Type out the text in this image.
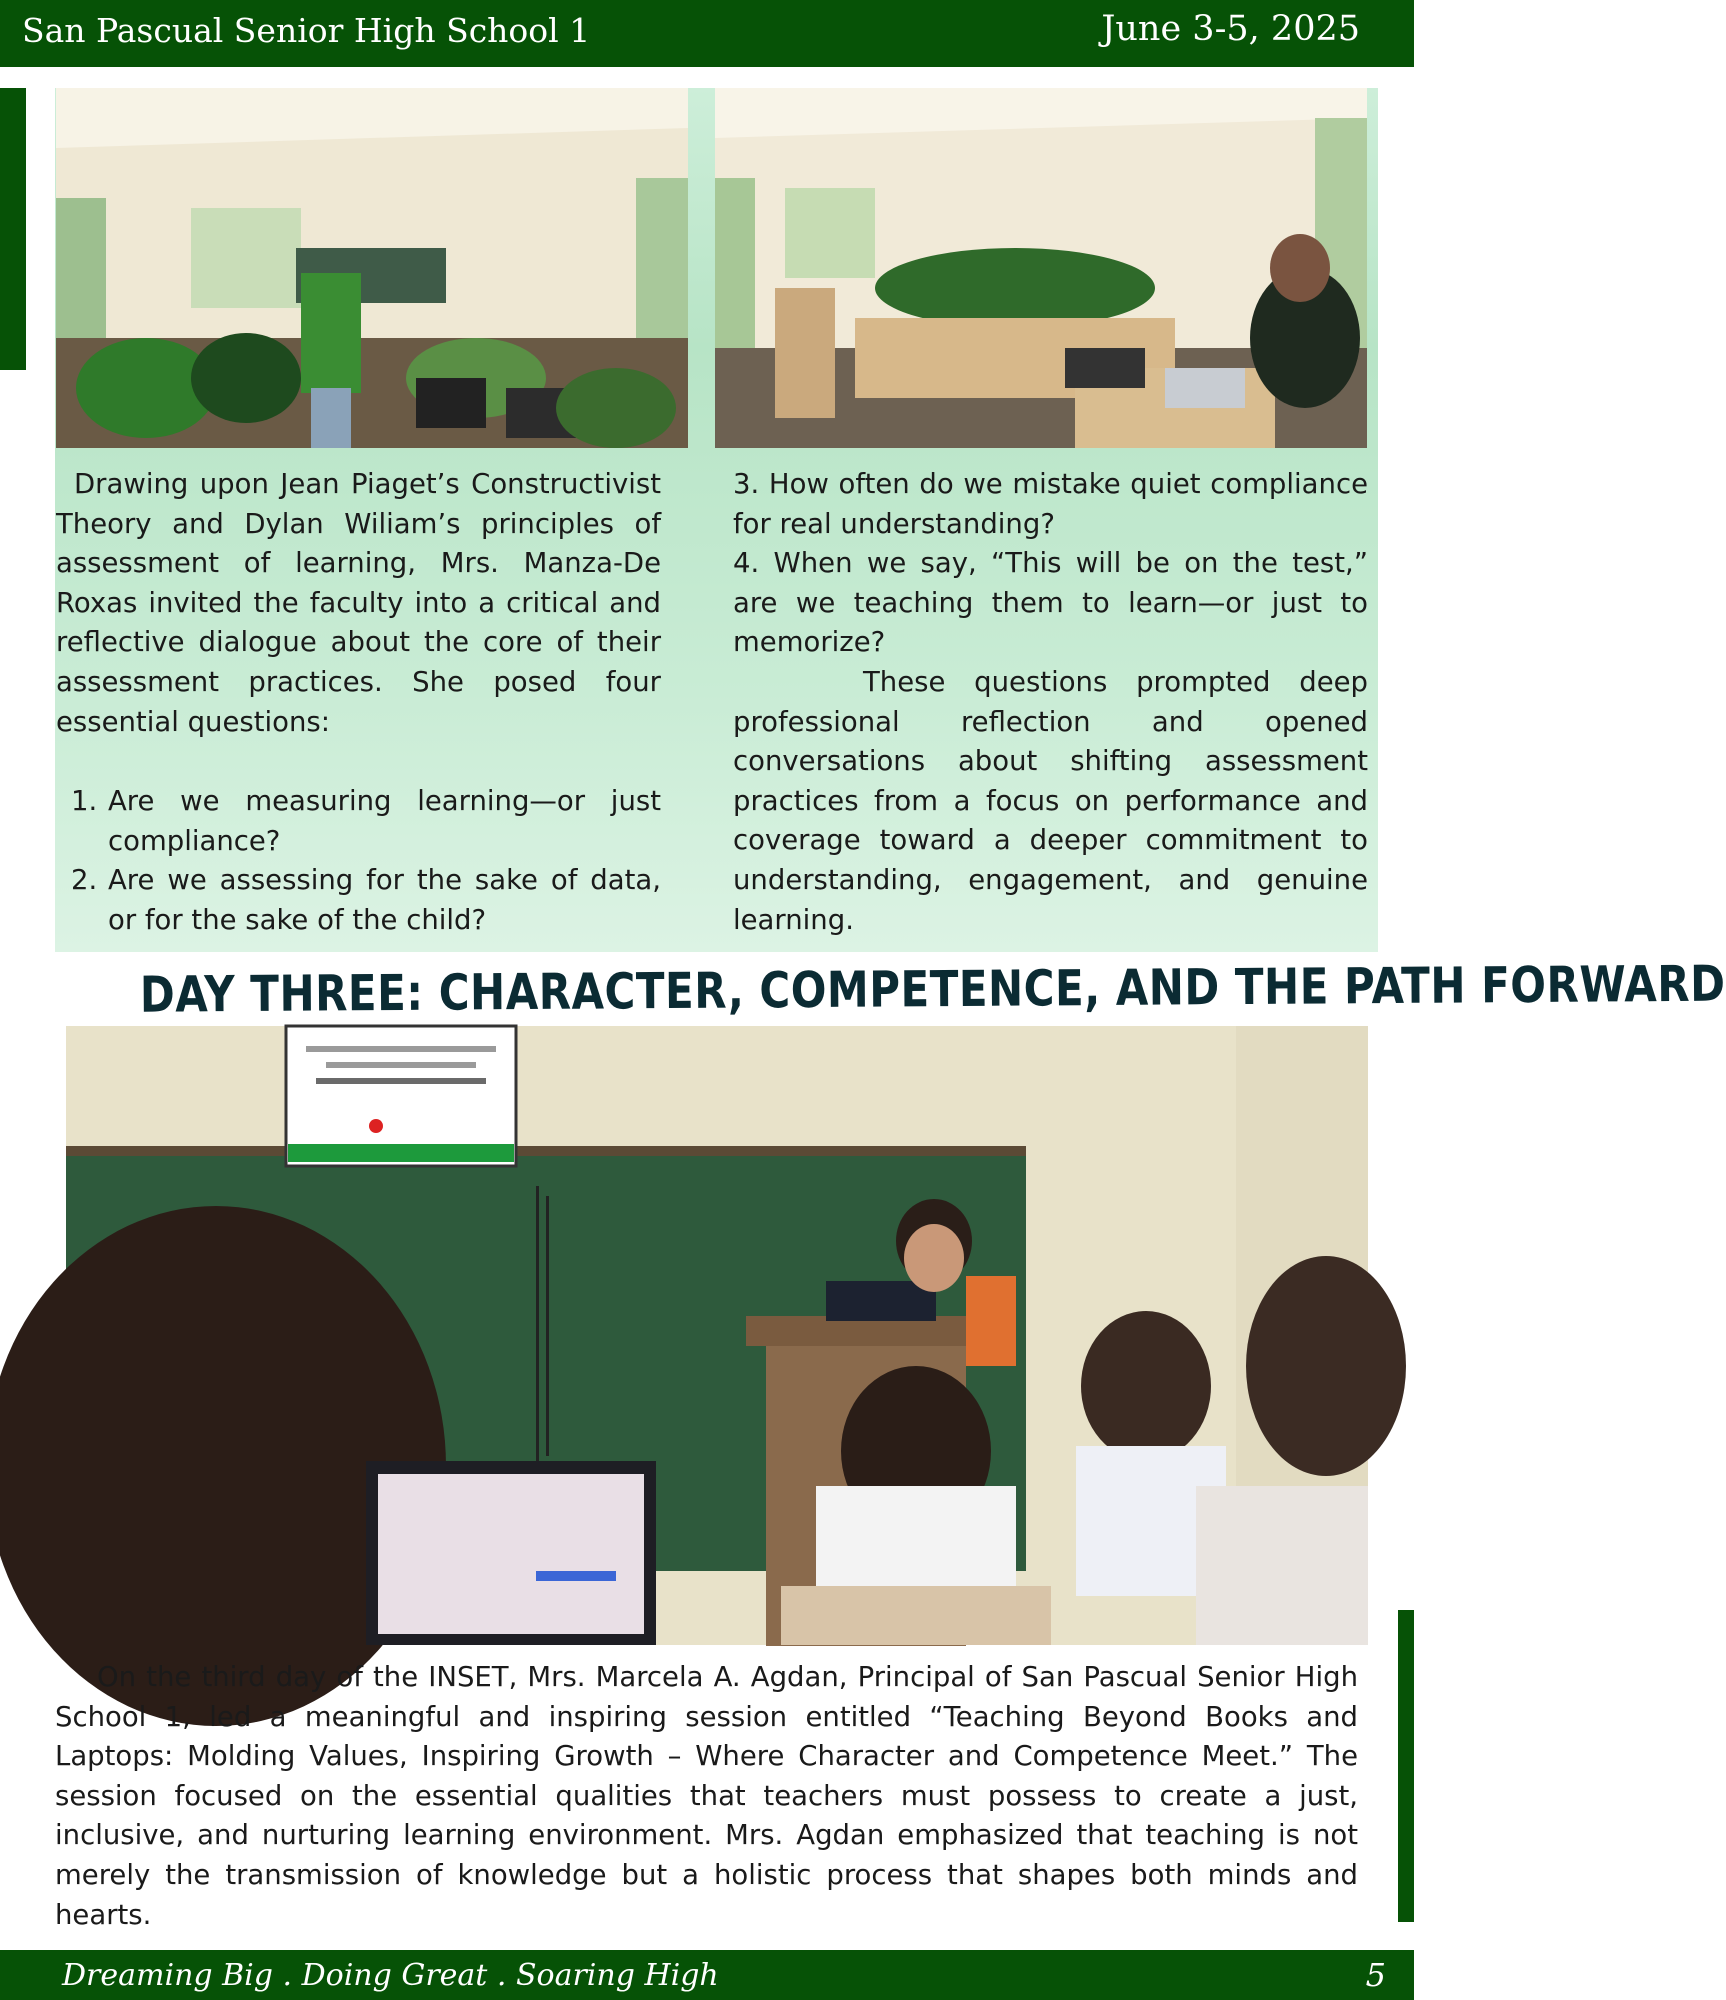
San Pascual Senior High School 1	June 3-5, 2025

Drawing upon Jean Piaget’s Constructivist Theory and Dylan Wiliam’s principles of assessment of learning, Mrs. Manza-De Roxas invited the faculty into a critical and reflective dialogue about the core of their assessment practices. She posed four essential questions:

1. Are we measuring learning—or just compliance?
2. Are we assessing for the sake of data, or for the sake of the child?

3. How often do we mistake quiet compliance for real understanding?

4. When we say, “This will be on the test,” are we teaching them to learn—or just to memorize?

These questions prompted deep professional reflection and opened conversations about shifting assessment practices from a focus on performance and coverage toward a deeper commitment to understanding, engagement, and genuine learning.

DAY THREE: CHARACTER, COMPETENCE, AND THE PATH FORWARD
On the third day of the INSET, Mrs. Marcela A. Agdan, Principal of San Pascual Senior High School 1, led a meaningful and inspiring session entitled “Teaching Beyond Books and Laptops: Molding Values, Inspiring Growth – Where Character and Competence Meet.” The session focused on the essential qualities that teachers must possess to create a just, inclusive, and nurturing learning environment. Mrs. Agdan emphasized that teaching is not merely the transmission of knowledge but a holistic process that shapes both minds and hearts.
Dreaming Big . Doing Great . Soaring High	5
